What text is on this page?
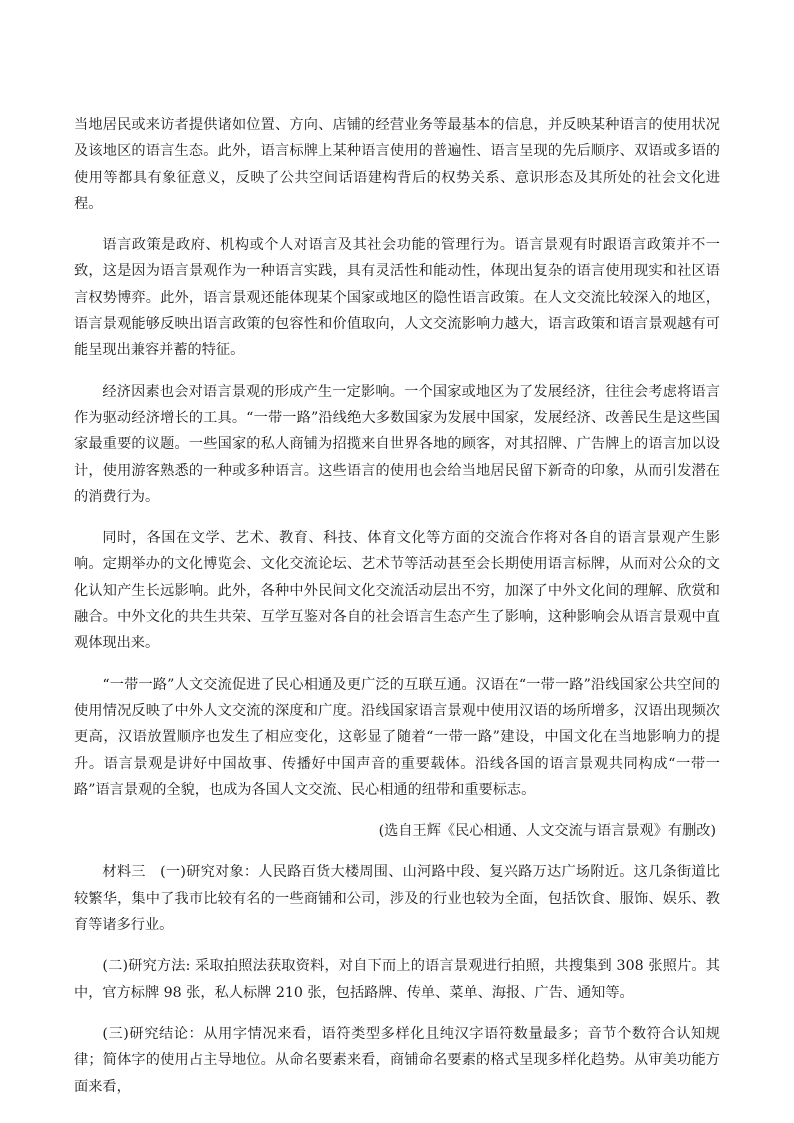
当地居民或来访者提供诸如位置、方向、店铺的经营业务等最基本的信息，并反映某种语言的使用状况及该地区的语言生态。此外，语言标牌上某种语言使用的普遍性、语言呈现的先后顺序、双语或多语的使用等都具有象征意义，反映了公共空间话语建构背后的权势关系、意识形态及其所处的社会文化进程。

语言政策是政府、机构或个人对语言及其社会功能的管理行为。语言景观有时跟语言政策并不一致，这是因为语言景观作为一种语言实践，具有灵活性和能动性，体现出复杂的语言使用现实和社区语言权势博弈。此外，语言景观还能体现某个国家或地区的隐性语言政策。在人文交流比较深入的地区，语言景观能够反映出语言政策的包容性和价值取向，人文交流影响力越大，语言政策和语言景观越有可能呈现出兼容并蓄的特征。

经济因素也会对语言景观的形成产生一定影响。一个国家或地区为了发展经济，往往会考虑将语言作为驱动经济增长的工具。“一带一路”沿线绝大多数国家为发展中国家，发展经济、改善民生是这些国家最重要的议题。一些国家的私人商铺为招揽来自世界各地的顾客，对其招牌、广告牌上的语言加以设计，使用游客熟悉的一种或多种语言。这些语言的使用也会给当地居民留下新奇的印象，从而引发潜在的消费行为。

同时，各国在文学、艺术、教育、科技、体育文化等方面的交流合作将对各自的语言景观产生影响。定期举办的文化博览会、文化交流论坛、艺术节等活动甚至会长期使用语言标牌，从而对公众的文化认知产生长远影响。此外，各种中外民间文化交流活动层出不穷，加深了中外文化间的理解、欣赏和融合。中外文化的共生共荣、互学互鉴对各自的社会语言生态产生了影响，这种影响会从语言景观中直观体现出来。

“一带一路”人文交流促进了民心相通及更广泛的互联互通。汉语在“一带一路”沿线国家公共空间的使用情况反映了中外人文交流的深度和广度。沿线国家语言景观中使用汉语的场所增多，汉语出现频次更高，汉语放置顺序也发生了相应变化，这彰显了随着“一带一路”建设，中国文化在当地影响力的提升。语言景观是讲好中国故事、传播好中国声音的重要载体。沿线各国的语言景观共同构成“一带一路”语言景观的全貌，也成为各国人文交流、民心相通的纽带和重要标志。

(选自王辉《民心相通、人文交流与语言景观》有删改)

材料三　(一)研究对象：人民路百货大楼周围、山河路中段、复兴路万达广场附近。这几条街道比较繁华，集中了我市比较有名的一些商铺和公司，涉及的行业也较为全面，包括饮食、服饰、娱乐、教育等诸多行业。

(二)研究方法: 采取拍照法获取资料，对自下而上的语言景观进行拍照，共搜集到 308 张照片。其中，官方标牌 98 张，私人标牌 210 张，包括路牌、传单、菜单、海报、广告、通知等。

(三)研究结论：从用字情况来看，语符类型多样化且纯汉字语符数量最多；音节个数符合认知规律；简体字的使用占主导地位。从命名要素来看，商铺命名要素的格式呈现多样化趋势。从审美功能方面来看，
